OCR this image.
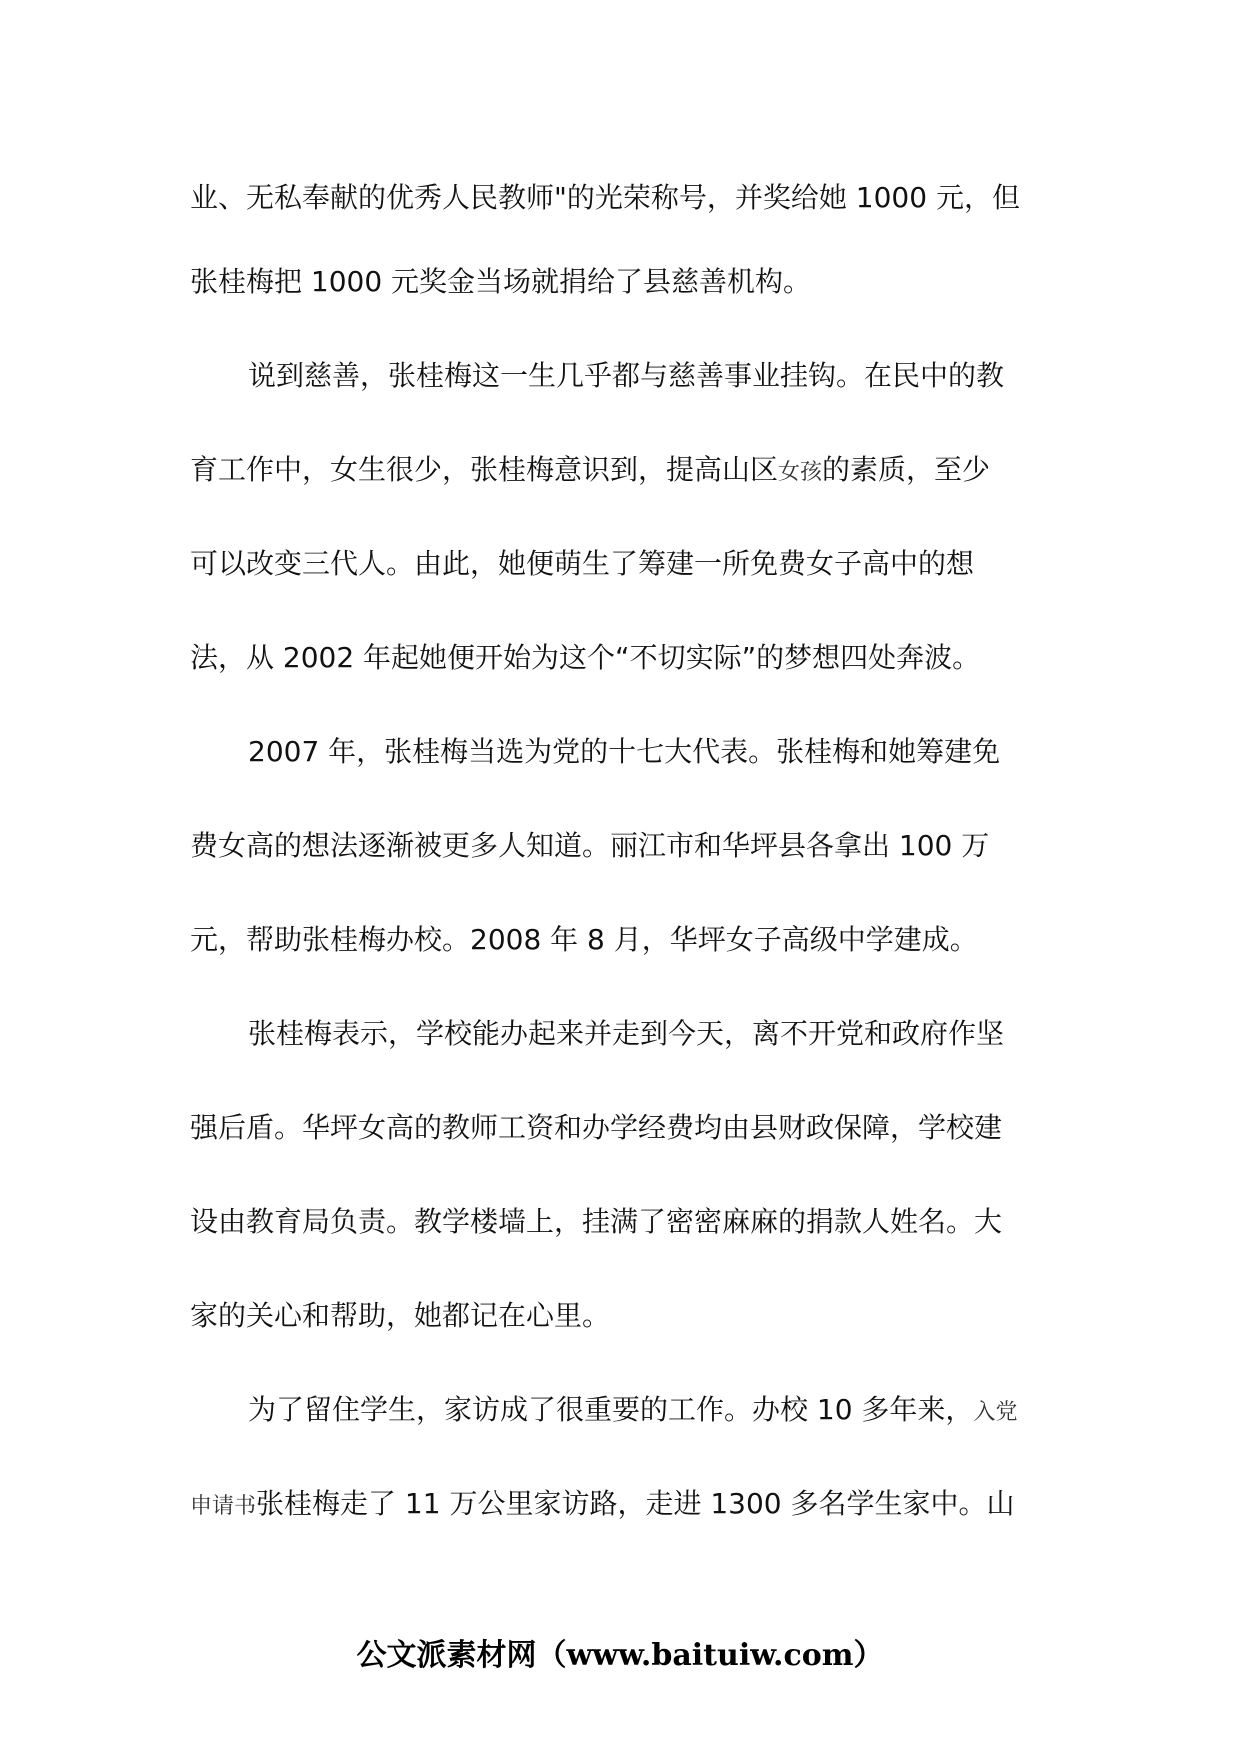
业、无私奉献的优秀人民教师"的光荣称号，并奖给她 1000 元，但
张桂梅把 1000 元奖金当场就捐给了县慈善机构。
说到慈善，张桂梅这一生几乎都与慈善事业挂钩。在民中的教
育工作中，女生很少，张桂梅意识到，提高山区女孩的素质，至少
可以改变三代人。由此，她便萌生了筹建一所免费女子高中的想
法，从 2002 年起她便开始为这个“不切实际”的梦想四处奔波。
2007 年，张桂梅当选为党的十七大代表。张桂梅和她筹建免
费女高的想法逐渐被更多人知道。丽江市和华坪县各拿出 100 万
元，帮助张桂梅办校。2008 年 8 月，华坪女子高级中学建成。
张桂梅表示，学校能办起来并走到今天，离不开党和政府作坚
强后盾。华坪女高的教师工资和办学经费均由县财政保障，学校建
设由教育局负责。教学楼墙上，挂满了密密麻麻的捐款人姓名。大
家的关心和帮助，她都记在心里。
为了留住学生，家访成了很重要的工作。办校 10 多年来，入党
申请书张桂梅走了 11 万公里家访路，走进 1300 多名学生家中。山
公文派素材网（www.baituiw.com）
